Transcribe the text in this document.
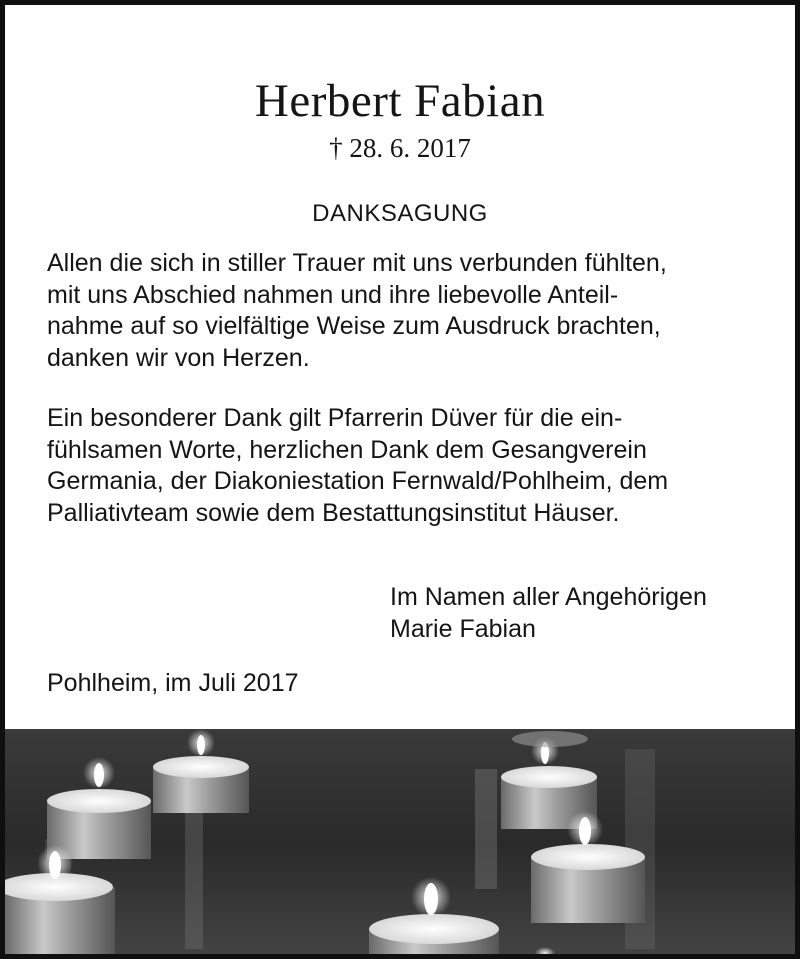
Herbert Fabian
† 28. 6. 2017
DANKSAGUNG
Allen die sich in stiller Trauer mit uns verbunden fühlten,
mit uns Abschied nahmen und ihre liebevolle Anteil-
nahme auf so vielfältige Weise zum Ausdruck brachten,
danken wir von Herzen.
Ein besonderer Dank gilt Pfarrerin Düver für die ein-
fühlsamen Worte, herzlichen Dank dem Gesangverein
Germania, der Diakoniestation Fernwald/Pohlheim, dem
Palliativteam sowie dem Bestattungsinstitut Häuser.
Im Namen aller Angehörigen
Marie Fabian
Pohlheim, im Juli 2017
